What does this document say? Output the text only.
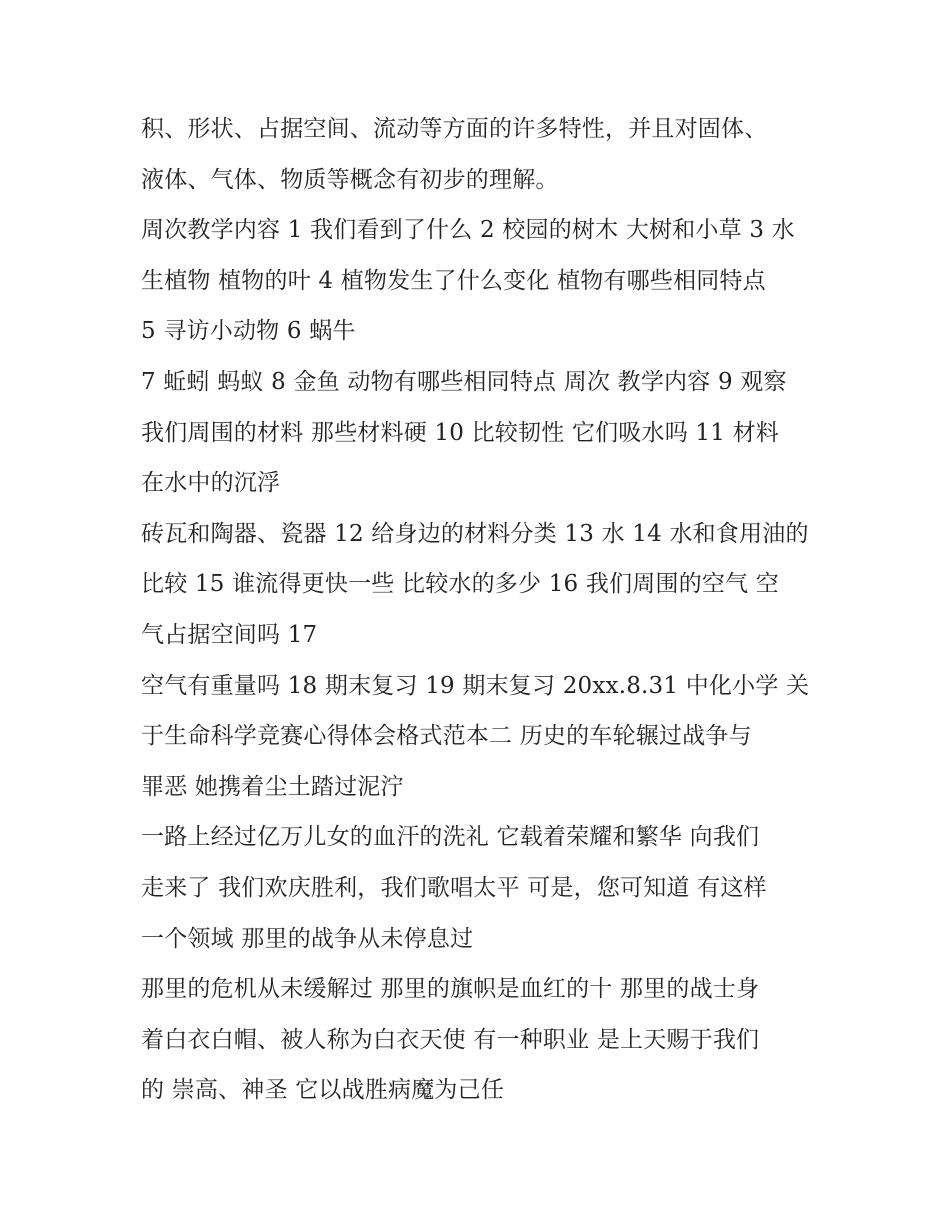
积、形状、占据空间、流动等方面的许多特性，并且对固体、
液体、气体、物质等概念有初步的理解。
周次教学内容 1 我们看到了什么 2 校园的树木 大树和小草 3 水
生植物 植物的叶 4 植物发生了什么变化 植物有哪些相同特点
5 寻访小动物 6 蜗牛
7 蚯蚓 蚂蚁 8 金鱼 动物有哪些相同特点 周次 教学内容 9 观察
我们周围的材料 那些材料硬 10 比较韧性 它们吸水吗 11 材料
在水中的沉浮
砖瓦和陶器、瓷器 12 给身边的材料分类 13 水 14 水和食用油的
比较 15 谁流得更快一些 比较水的多少 16 我们周围的空气 空
气占据空间吗 17
空气有重量吗 18 期末复习 19 期末复习 20xx.8.31 中化小学 关
于生命科学竞赛心得体会格式范本二 历史的车轮辗过战争与
罪恶 她携着尘土踏过泥泞
一路上经过亿万儿女的血汗的洗礼 它载着荣耀和繁华 向我们
走来了 我们欢庆胜利，我们歌唱太平 可是，您可知道 有这样
一个领域 那里的战争从未停息过
那里的危机从未缓解过 那里的旗帜是血红的十 那里的战士身
着白衣白帽、被人称为白衣天使 有一种职业 是上天赐于我们
的 崇高、神圣 它以战胜病魔为己任
